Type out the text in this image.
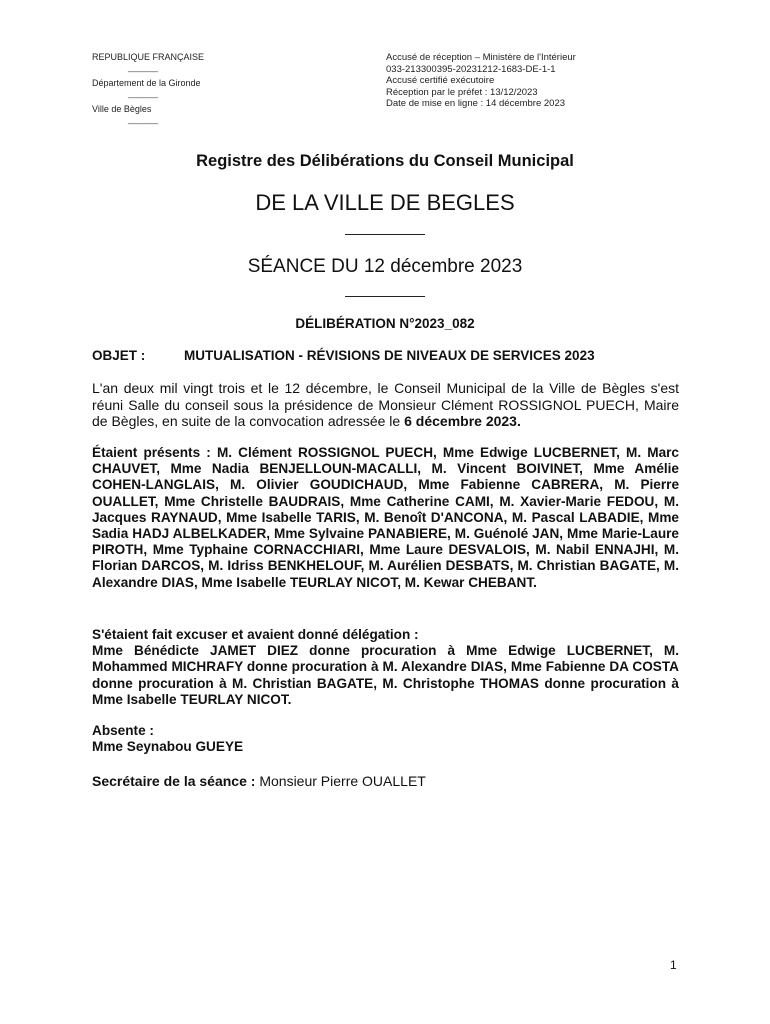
REPUBLIQUE FRANÇAISE
______
Département de la Gironde
______
Ville de Bègles
______
Accusé de réception – Ministère de l'Intérieur
033-213300395-20231212-1683-DE-1-1
Accusé certifié exécutoire
Réception par le préfet : 13/12/2023
Date de mise en ligne : 14 décembre 2023
Registre des Délibérations du Conseil Municipal
DE LA VILLE DE BEGLES
SÉANCE DU 12 décembre 2023
DÉLIBÉRATION N°2023_082
OBJET :	MUTUALISATION - RÉVISIONS DE NIVEAUX DE SERVICES 2023
L'an deux mil vingt trois et le 12 décembre, le Conseil Municipal de la Ville de Bègles s'est réuni Salle du conseil sous la présidence de Monsieur Clément ROSSIGNOL PUECH, Maire de Bègles, en suite de la convocation adressée le 6 décembre 2023.
Étaient présents : M. Clément ROSSIGNOL PUECH, Mme Edwige LUCBERNET, M. Marc CHAUVET, Mme Nadia BENJELLOUN-MACALLI, M. Vincent BOIVINET, Mme Amélie COHEN-LANGLAIS, M. Olivier GOUDICHAUD, Mme Fabienne CABRERA, M. Pierre OUALLET, Mme Christelle BAUDRAIS, Mme Catherine CAMI, M. Xavier-Marie FEDOU, M. Jacques RAYNAUD, Mme Isabelle TARIS, M. Benoît D'ANCONA, M. Pascal LABADIE, Mme Sadia HADJ ALBELKADER, Mme Sylvaine PANABIERE, M. Guénolé JAN, Mme Marie-Laure PIROTH, Mme Typhaine CORNACCHIARI, Mme Laure DESVALOIS, M. Nabil ENNAJHI, M. Florian DARCOS, M. Idriss BENKHELOUF, M. Aurélien DESBATS, M. Christian BAGATE, M. Alexandre DIAS, Mme Isabelle TEURLAY NICOT, M. Kewar CHEBANT.
S'étaient fait excuser et avaient donné délégation :
Mme Bénédicte JAMET DIEZ donne procuration à Mme Edwige LUCBERNET, M. Mohammed MICHRAFY donne procuration à M. Alexandre DIAS, Mme Fabienne DA COSTA donne procuration à M. Christian BAGATE, M. Christophe THOMAS donne procuration à Mme Isabelle TEURLAY NICOT.
Absente :
Mme Seynabou GUEYE
Secrétaire de la séance : Monsieur Pierre OUALLET
1
